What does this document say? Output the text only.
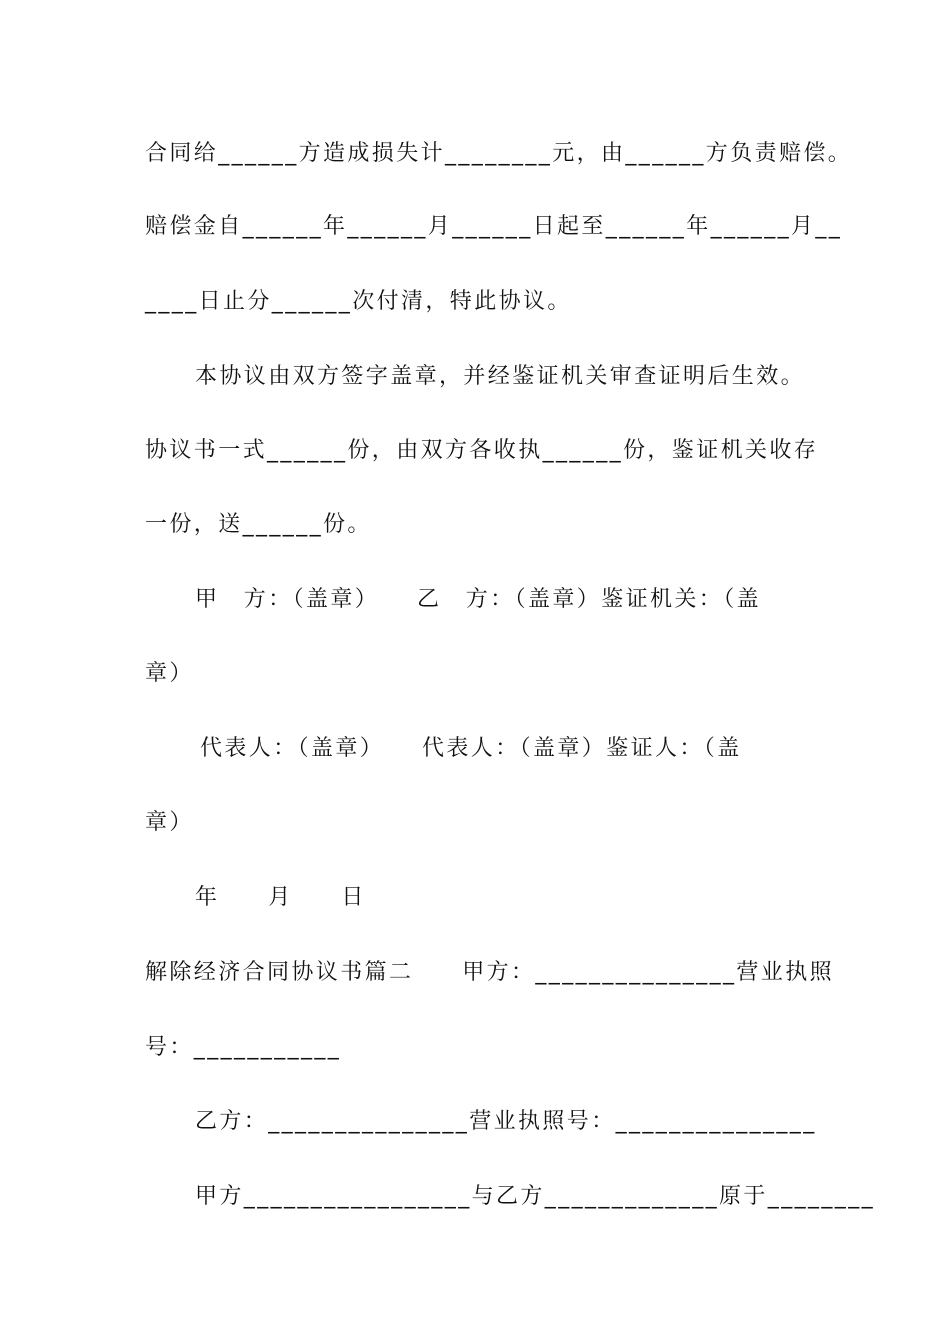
合同给______方造成损失计________元，由______方负责赔偿。
赔偿金自______年______月______日起至______年______月__
____日止分______次付清，特此协议。
本协议由双方签字盖章，并经鉴证机关审查证明后生效。
协议书一式______份，由双方各收执______份，鉴证机关收存
一份，送______份。
甲　方：（盖章）　　乙　方：（盖章）鉴证机关：（盖
章）
代表人：（盖章）　　代表人：（盖章）鉴证人：（盖
章）
年　　月　　日
解除经济合同协议书篇二　　甲方：_______________营业执照
号：___________
乙方：_______________营业执照号：_______________
甲方_________________与乙方_____________原于________
